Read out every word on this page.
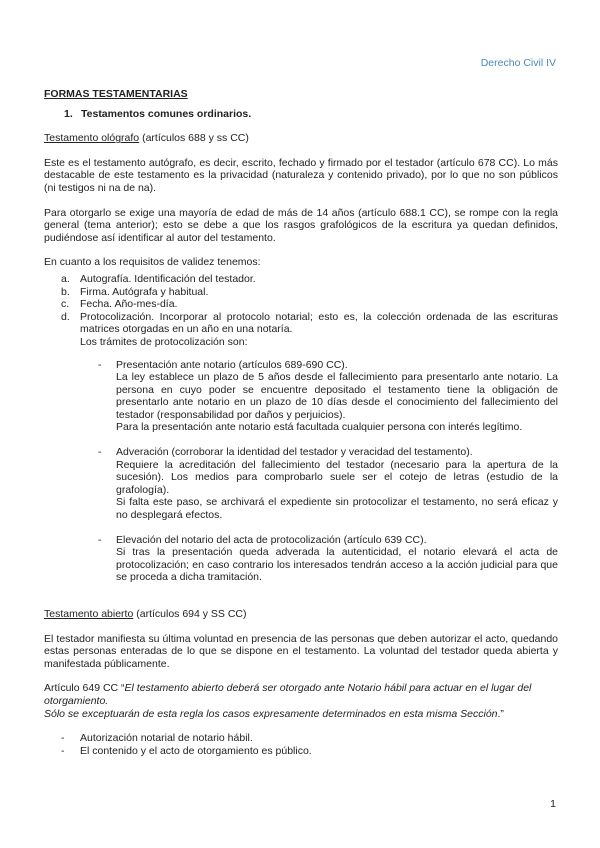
Derecho Civil IV

FORMAS TESTAMENTARIAS

1. Testamentos comunes ordinarios.

Testamento ológrafo (artículos 688 y ss CC)

Este es el testamento autógrafo, es decir, escrito, fechado y firmado por el testador (artículo 678 CC). Lo más destacable de este testamento es la privacidad (naturaleza y contenido privado), por lo que no son públicos (ni testigos ni na de na).

Para otorgarlo se exige una mayoría de edad de más de 14 años (artículo 688.1 CC), se rompe con la regla general (tema anterior); esto se debe a que los rasgos grafológicos de la escritura ya quedan definidos, pudiéndose así identificar al autor del testamento.

En cuanto a los requisitos de validez tenemos:

a. Autografía. Identificación del testador.
b. Firma. Autógrafa y habitual.
c. Fecha. Año-mes-día.
d. Protocolización. Incorporar al protocolo notarial; esto es, la colección ordenada de las escrituras matrices otorgadas en un año en una notaría.

Los trámites de protocolización son:

- Presentación ante notario (artículos 689-690 CC).

La ley establece un plazo de 5 años desde el fallecimiento para presentarlo ante notario. La persona en cuyo poder se encuentre depositado el testamento tiene la obligación de presentarlo ante notario en un plazo de 10 días desde el conocimiento del fallecimiento del testador (responsabilidad por daños y perjuicios).

Para la presentación ante notario está facultada cualquier persona con interés legítimo.

- Adveración (corroborar la identidad del testador y veracidad del testamento).

Requiere la acreditación del fallecimiento del testador (necesario para la apertura de la sucesión). Los medios para comprobarlo suele ser el cotejo de letras (estudio de la grafología).

Si falta este paso, se archivará el expediente sin protocolizar el testamento, no será eficaz y no desplegará efectos.

- Elevación del notario del acta de protocolización (artículo 639 CC).

Si tras la presentación queda adverada la autenticidad, el notario elevará el acta de protocolización; en caso contrario los interesados tendrán acceso a la acción judicial para que se proceda a dicha tramitación.

Testamento abierto (artículos 694 y SS CC)

El testador manifiesta su última voluntad en presencia de las personas que deben autorizar el acto, quedando estas personas enteradas de lo que se dispone en el testamento. La voluntad del testador queda abierta y manifestada públicamente.

Artículo 649 CC “El testamento abierto deberá ser otorgado ante Notario hábil para actuar en el lugar del otorgamiento.
Sólo se exceptuarán de esta regla los casos expresamente determinados en esta misma Sección.”

- Autorización notarial de notario hábil.
- El contenido y el acto de otorgamiento es público.
1
